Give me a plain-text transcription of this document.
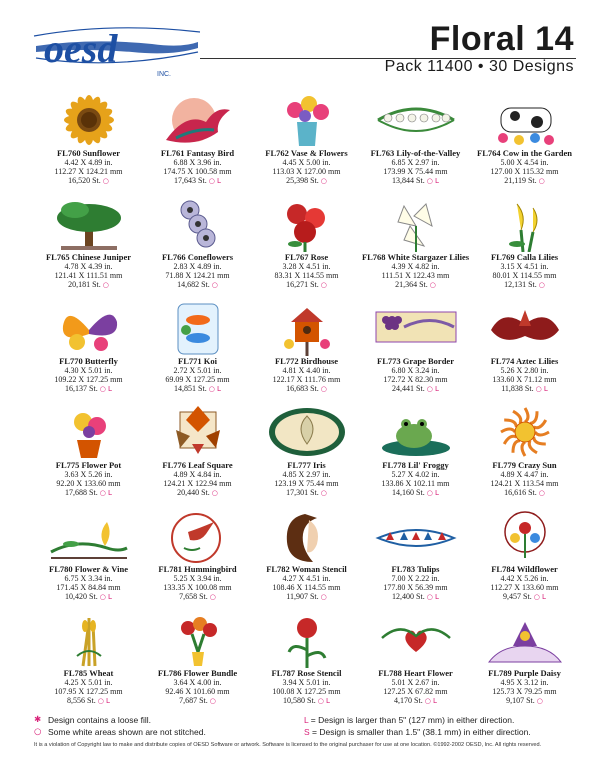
oesd
INC.
Floral 14
Pack 11400 • 30 Designs
FL760 Sunflower
4.42 X 4.89 in.
112.27 X 124.21 mm
16,520 St. ○
FL761 Fantasy Bird
6.88 X 3.96 in.
174.75 X 100.58 mm
17,643 St. ○ L
FL762 Vase & Flowers
4.45 X 5.00 in.
113.03 X 127.00 mm
25,398 St. ○
FL763 Lily-of-the-Valley
6.85 X 2.97 in.
173.99 X 75.44 mm
13,844 St. ○ L
FL764 Cow in the Garden
5.00 X 4.54 in.
127.00 X 115.32 mm
21,119 St. ○
FL765 Chinese Juniper
4.78 X 4.39 in.
121.41 X 111.51 mm
20,181 St. ○
FL766 Coneflowers
2.83 X 4.89 in.
71.88 X 124.21 mm
14,682 St. ○
FL767 Rose
3.28 X 4.51 in.
83.31 X 114.55 mm
16,271 St. ○
FL768 White Stargazer Lilies
4.39 X 4.82 in.
111.51 X 122.43 mm
21,364 St. ○
FL769 Calla Lilies
3.15 X 4.51 in.
80.01 X 114.55 mm
12,131 St. ○
FL770 Butterfly
4.30 X 5.01 in.
109.22 X 127.25 mm
16,137 St. ○ L
FL771 Koi
2.72 X 5.01 in.
69.09 X 127.25 mm
14,851 St. ○ L
FL772 Birdhouse
4.81 X 4.40 in.
122.17 X 111.76 mm
16,683 St. ○
FL773 Grape Border
6.80 X 3.24 in.
172.72 X 82.30 mm
24,441 St. ○ L
FL774 Aztec Lilies
5.26 X 2.80 in.
133.60 X 71.12 mm
11,838 St. ○ L
FL775 Flower Pot
3.63 X 5.26 in.
92.20 X 133.60 mm
17,688 St. ○ L
FL776 Leaf Square
4.89 X 4.84 in.
124.21 X 122.94 mm
20,440 St. ○
FL777 Iris
4.85 X 2.97 in.
123.19 X 75.44 mm
17,301 St. ○
FL778 Lil' Froggy
5.27 X 4.02 in.
133.86 X 102.11 mm
14,160 St. ○ L
FL779 Crazy Sun
4.89 X 4.47 in.
124.21 X 113.54 mm
16,616 St. ○
FL780 Flower & Vine
6.75 X 3.34 in.
171.45 X 84.84 mm
10,420 St. ○ L
FL781 Hummingbird
5.25 X 3.94 in.
133.35 X 100.08 mm
7,658 St. ○
FL782 Woman Stencil
4.27 X 4.51 in.
108.46 X 114.55 mm
11,907 St. ○
FL783 Tulips
7.00 X 2.22 in.
177.80 X 56.39 mm
12,400 St. ○ L
FL784 Wildflower
4.42 X 5.26 in.
112.27 X 133.60 mm
9,457 St. ○ L
FL785 Wheat
4.25 X 5.01 in.
107.95 X 127.25 mm
8,556 St. ○ L
FL786 Flower Bundle
3.64 X 4.00 in.
92.46 X 101.60 mm
7,687 St. ○
FL787 Rose Stencil
3.94 X 5.01 in.
100.08 X 127.25 mm
10,580 St. ○ L
FL788 Heart Flower
5.01 X 2.67 in.
127.25 X 67.82 mm
4,170 St. ○ L
FL789 Purple Daisy
4.95 X 3.12 in.
125.73 X 79.25 mm
9,107 St. ○
✱ Design contains a loose fill.	L = Design is larger than 5" (127 mm) in either direction.
○ Some white areas shown are not stitched.	S = Design is smaller than 1.5" (38.1 mm) in either direction.
It is a violation of Copyright law to make and distribute copies of OESD Software or artwork. Software is licensed to the original purchaser for use at one location. ©1992-2002 OESD, Inc. All rights reserved.
